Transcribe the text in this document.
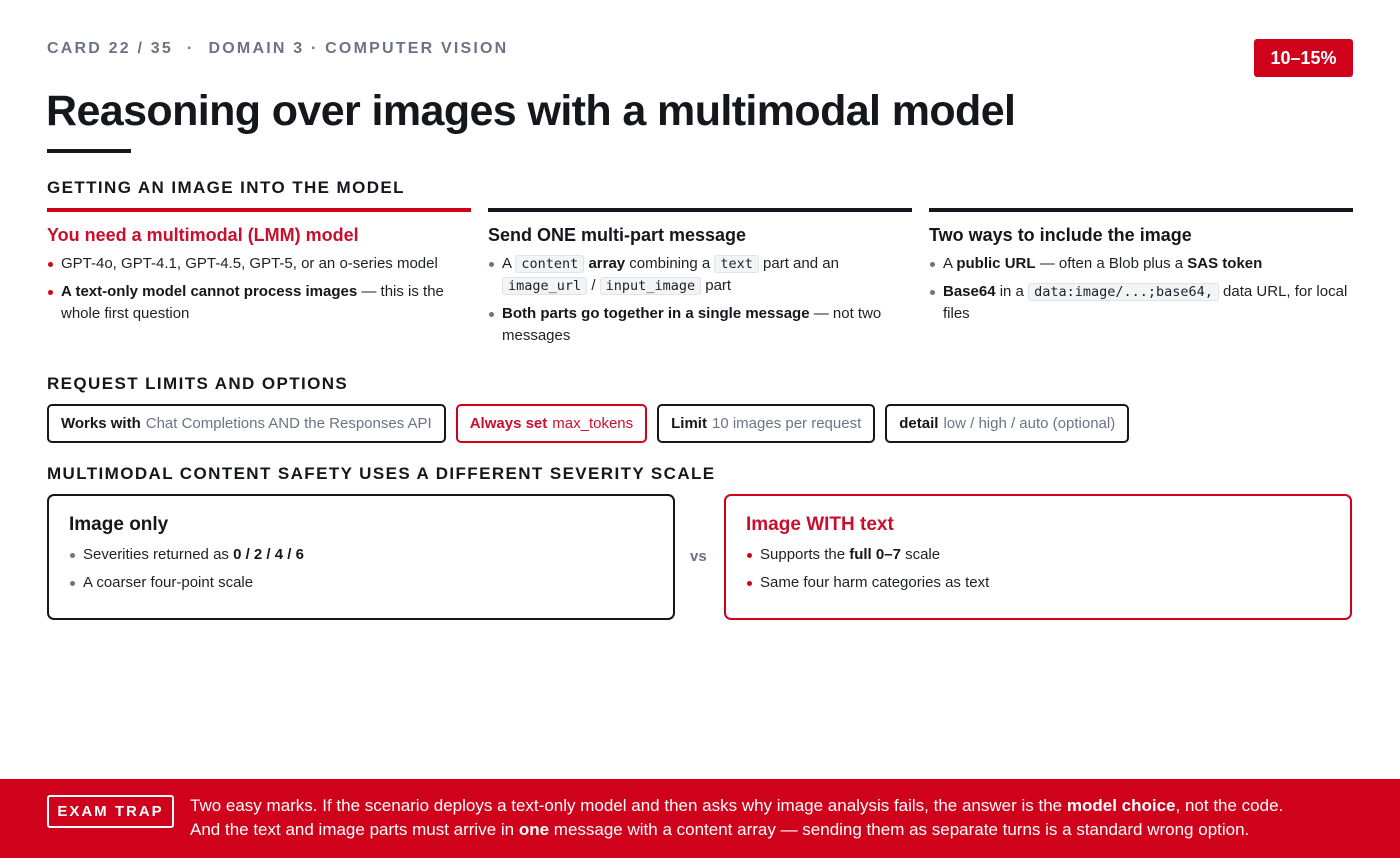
CARD 22 / 35 · DOMAIN 3 · COMPUTER VISION	10–15%
Reasoning over images with a multimodal model
GETTING AN IMAGE INTO THE MODEL
You need a multimodal (LMM) model
GPT-4o, GPT-4.1, GPT-4.5, GPT-5, or an o-series model
A text-only model cannot process images — this is the whole first question
Send ONE multi-part message
A content array combining a text part and an image_url / input_image part
Both parts go together in a single message — not two messages
Two ways to include the image
A public URL — often a Blob plus a SAS token
Base64 in a data:image/...;base64, data URL, for local files
REQUEST LIMITS AND OPTIONS
Works with Chat Completions AND the Responses API	Always set max_tokens	Limit 10 images per request	detail low / high / auto (optional)
MULTIMODAL CONTENT SAFETY USES A DIFFERENT SEVERITY SCALE
Image only
Severities returned as 0 / 2 / 4 / 6
A coarser four-point scale
vs
Image WITH text
Supports the full 0–7 scale
Same four harm categories as text
EXAM TRAP	Two easy marks. If the scenario deploys a text-only model and then asks why image analysis fails, the answer is the model choice, not the code.
And the text and image parts must arrive in one message with a content array — sending them as separate turns is a standard wrong option.
